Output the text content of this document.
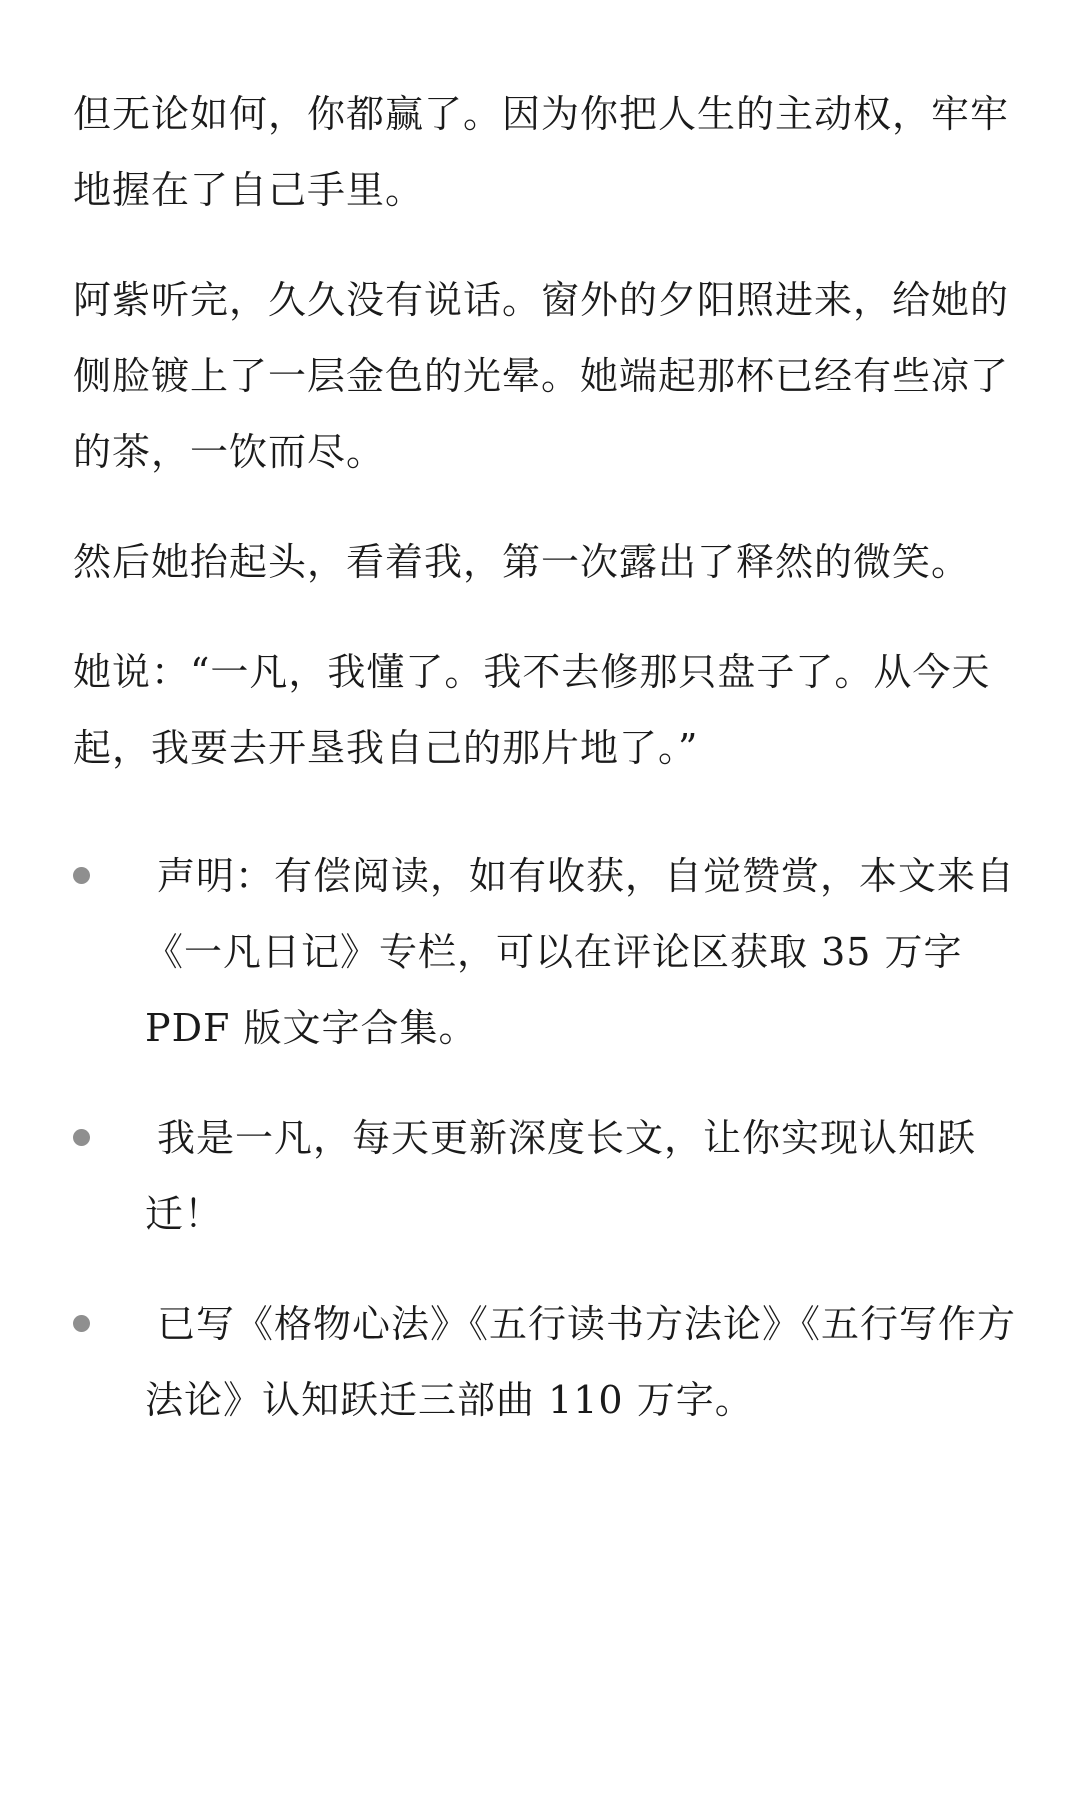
但无论如何，你都赢了。因为你把人生的主动权，牢牢地握在了自己手里。

阿紫听完，久久没有说话。窗外的夕阳照进来，给她的侧脸镀上了一层金色的光晕。她端起那杯已经有些凉了的茶，一饮而尽。

然后她抬起头，看着我，第一次露出了释然的微笑。

她说：“一凡，我懂了。我不去修那只盘子了。从今天起，我要去开垦我自己的那片地了。”

声明：有偿阅读，如有收获，自觉赞赏，本文来自《一凡日记》专栏，可以在评论区获取 35 万字 PDF 版文字合集。
我是一凡，每天更新深度长文，让你实现认知跃迁！
已写《格物心法》《五行读书方法论》《五行写作方法论》认知跃迁三部曲 110 万字。
